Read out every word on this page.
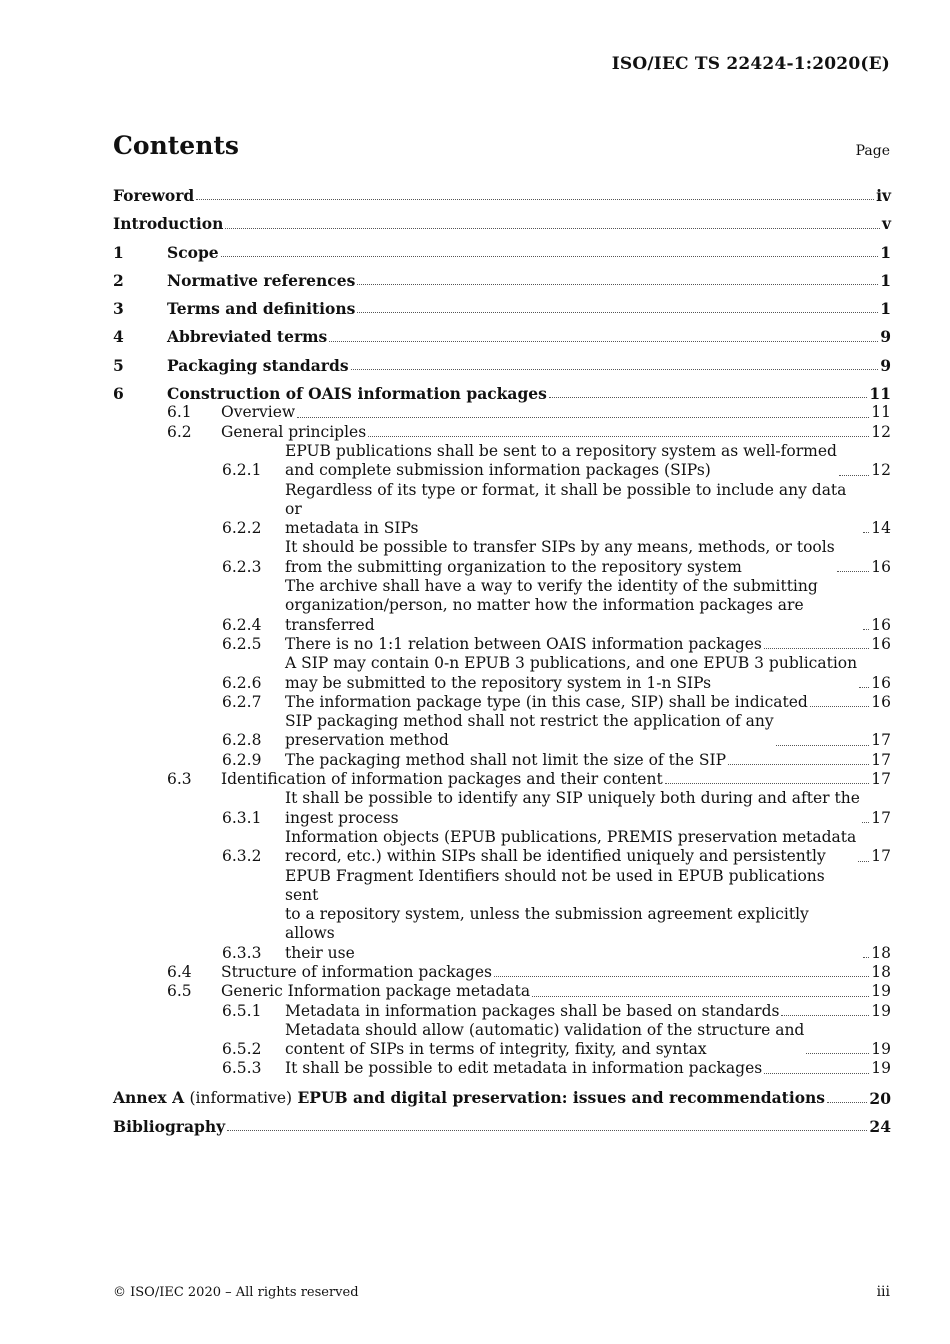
ISO/IEC TS 22424-1:2020(E)
Contents	Page
Foreword	iv
Introduction	v
1	Scope	1
2	Normative references	1
3	Terms and definitions	1
4	Abbreviated terms	9
5	Packaging standards	9
6	Construction of OAIS information packages	11
6.1	Overview	11
6.2	General principles	12
6.2.1
EPUB publications shall be sent to a repository system as well-formed
and complete submission information packages (SIPs)	12
6.2.2
Regardless of its type or format, it shall be possible to include any data or
metadata in SIPs	14
6.2.3
It should be possible to transfer SIPs by any means, methods, or tools
from the submitting organization to the repository system	16
6.2.4
The archive shall have a way to verify the identity of the submitting
organization/person, no matter how the information packages are transferred	16
6.2.5	There is no 1:1 relation between OAIS information packages	16
6.2.6
A SIP may contain 0-n EPUB 3 publications, and one EPUB 3 publication
may be submitted to the repository system in 1-n SIPs	16
6.2.7	The information package type (in this case, SIP) shall be indicated	16
6.2.8
SIP packaging method shall not restrict the application of any
preservation method	17
6.2.9	The packaging method shall not limit the size of the SIP	17
6.3	Identification of information packages and their content	17
6.3.1
It shall be possible to identify any SIP uniquely both during and after the
ingest process	17
6.3.2
Information objects (EPUB publications, PREMIS preservation metadata
record, etc.) within SIPs shall be identified uniquely and persistently	17
6.3.3
EPUB Fragment Identifiers should not be used in EPUB publications sent
to a repository system, unless the submission agreement explicitly allows
their use	18
6.4	Structure of information packages	18
6.5	Generic Information package metadata	19
6.5.1	Metadata in information packages shall be based on standards	19
6.5.2
Metadata should allow (automatic) validation of the structure and
content of SIPs in terms of integrity, fixity, and syntax	19
6.5.3	It shall be possible to edit metadata in information packages	19
Annex A (informative) EPUB and digital preservation: issues and recommendations	20
Bibliography	24
© ISO/IEC 2020 – All rights reserved	iii
